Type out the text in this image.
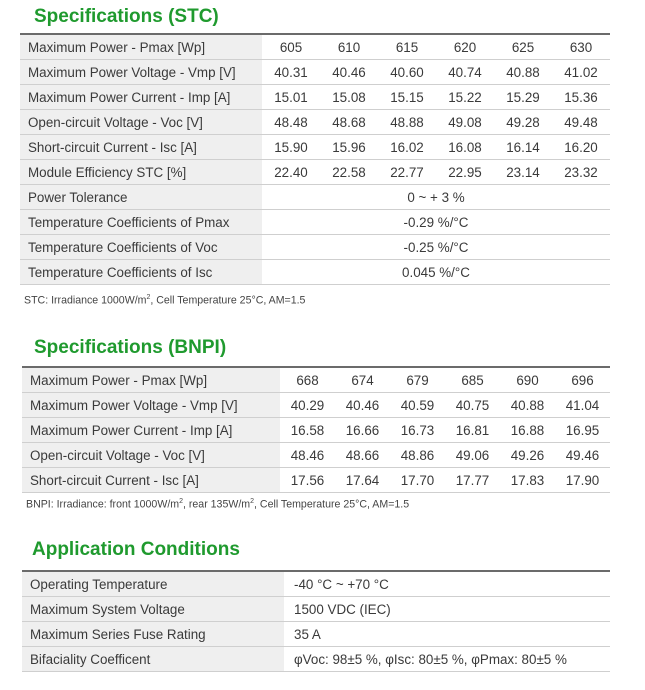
Specifications (STC)
Maximum Power - Pmax [Wp]	605	610	615	620	625	630
Maximum Power Voltage - Vmp [V]	40.31	40.46	40.60	40.74	40.88	41.02
Maximum Power Current - Imp [A]	15.01	15.08	15.15	15.22	15.29	15.36
Open-circuit Voltage - Voc [V]	48.48	48.68	48.88	49.08	49.28	49.48
Short-circuit Current - Isc [A]	15.90	15.96	16.02	16.08	16.14	16.20
Module Efficiency STC [%]	22.40	22.58	22.77	22.95	23.14	23.32
Power Tolerance	0 ~ + 3 %					
Temperature Coefficients of Pmax	-0.29 %/°C					
Temperature Coefficients of Voc	-0.25 %/°C					
Temperature Coefficients of Isc	0.045 %/°C					
STC: Irradiance $1000W/m^2$, Cell Temperature 25°C, AM=1.5
Specifications (BNPI)
Maximum Power - Pmax [Wp]	668	674	679	685	690	696
Maximum Power Voltage - Vmp [V]	40.29	40.46	40.59	40.75	40.88	41.04
Maximum Power Current - Imp [A]	16.58	16.66	16.73	16.81	16.88	16.95
Open-circuit Voltage - Voc [V]	48.46	48.66	48.86	49.06	49.26	49.46
Short-circuit Current - Isc [A]	17.56	17.64	17.70	17.77	17.83	17.90
BNPI: Irradiance: front $1000W/m^2$, rear $135W/m^2$, Cell Temperature 25°C, AM=1.5
Application Conditions
Operating Temperature	-40 °C ~ +70 °C
Maximum System Voltage	1500 VDC (IEC)
Maximum Series Fuse Rating	35 A
Bifaciality Coefficent	φVoc: 98±5 %, φIsc: 80±5 %, φPmax: 80±5 %
